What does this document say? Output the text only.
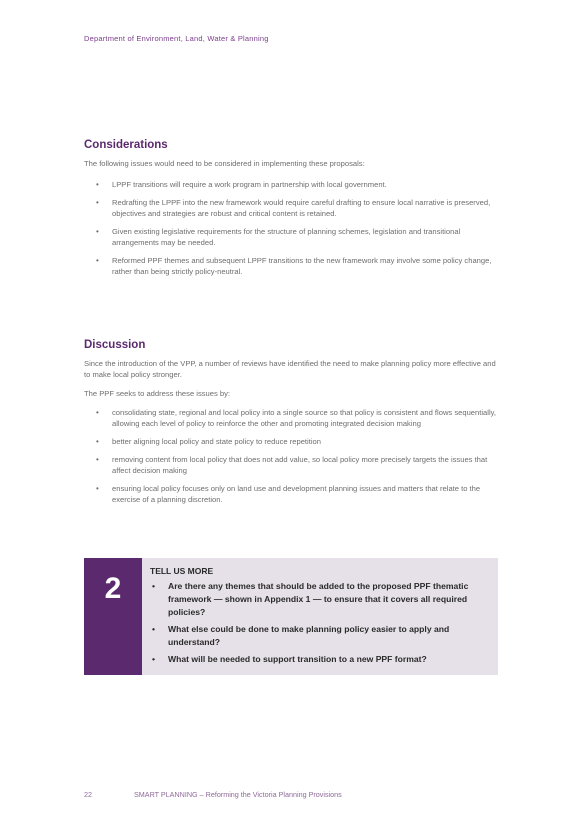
Department of Environment, Land, Water & Planning
Considerations
The following issues would need to be considered in implementing these proposals:
• LPPF transitions will require a work program in partnership with local government.
• Redrafting the LPPF into the new framework would require careful drafting to ensure local narrative is preserved, objectives and strategies are robust and critical content is retained.
• Given existing legislative requirements for the structure of planning schemes, legislation and transitional arrangements may be needed.
• Reformed PPF themes and subsequent LPPF transitions to the new framework may involve some policy change, rather than being strictly policy-neutral.
Discussion
Since the introduction of the VPP, a number of reviews have identified the need to make planning policy more effective and to make local policy stronger.
The PPF seeks to address these issues by:
• consolidating state, regional and local policy into a single source so that policy is consistent and flows sequentially, allowing each level of policy to reinforce the other and promoting integrated decision making
• better aligning local policy and state policy to reduce repetition
• removing content from local policy that does not add value, so local policy more precisely targets the issues that affect decision making
• ensuring local policy focuses only on land use and development planning issues and matters that relate to the exercise of a planning discretion.
2
TELL US MORE
• Are there any themes that should be added to the proposed PPF thematic framework — shown in Appendix 1 — to ensure that it covers all required policies?
• What else could be done to make planning policy easier to apply and understand?
• What will be needed to support transition to a new PPF format?
22	SMART PLANNING – Reforming the Victoria Planning Provisions
